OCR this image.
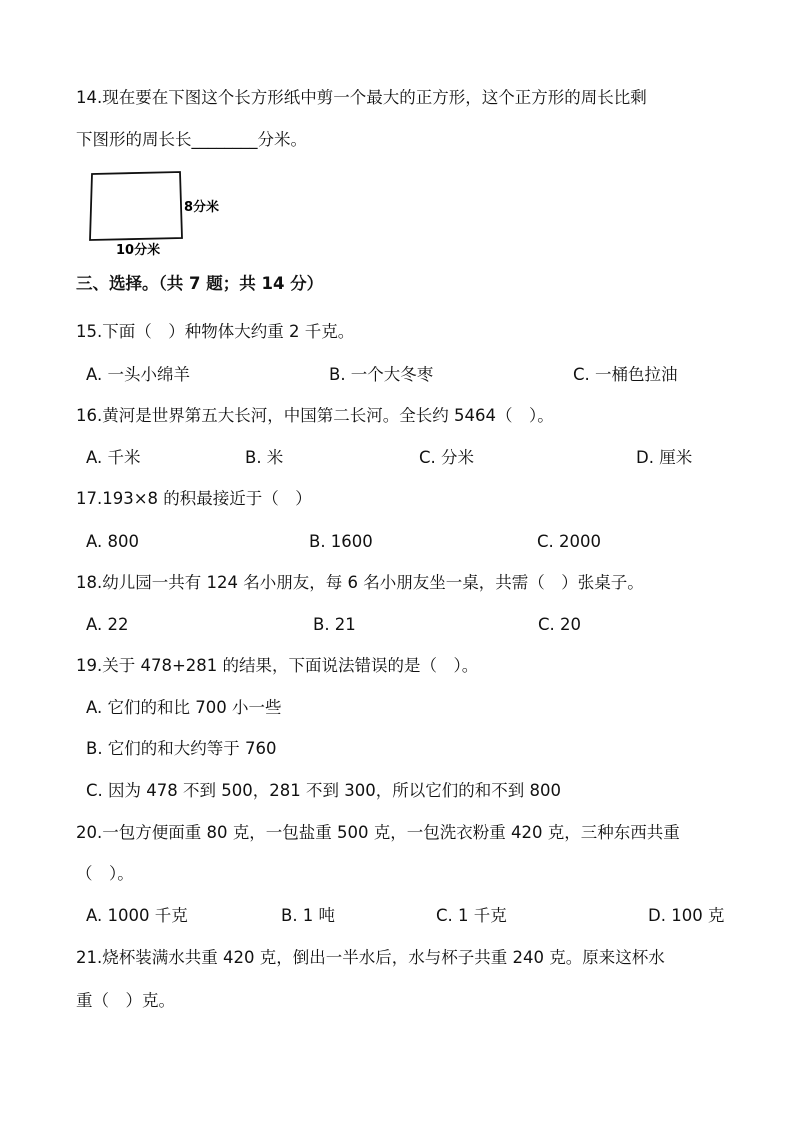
14.现在要在下图这个长方形纸中剪一个最大的正方形，这个正方形的周长比剩
下图形的周长长________分米。
8分米
10分米
三、选择。（共 7 题；共 14 分）
15.下面（　）种物体大约重 2 千克。
A. 一头小绵羊	B. 一个大冬枣	C. 一桶色拉油
16.黄河是世界第五大长河，中国第二长河。全长约 5464（　）。
A. 千米	B. 米	C. 分米	D. 厘米
17.193×8 的积最接近于（　）
A. 800	B. 1600	C. 2000
18.幼儿园一共有 124 名小朋友，每 6 名小朋友坐一桌，共需（　）张桌子。
A. 22	B. 21	C. 20
19.关于 478+281 的结果，下面说法错误的是（　）。
A. 它们的和比 700 小一些
B. 它们的和大约等于 760
C. 因为 478 不到 500，281 不到 300，所以它们的和不到 800
20.一包方便面重 80 克，一包盐重 500 克，一包洗衣粉重 420 克，三种东西共重
（　）。
A. 1000 千克	B. 1 吨	C. 1 千克	D. 100 克
21.烧杯装满水共重 420 克，倒出一半水后，水与杯子共重 240 克。原来这杯水
重（　）克。
